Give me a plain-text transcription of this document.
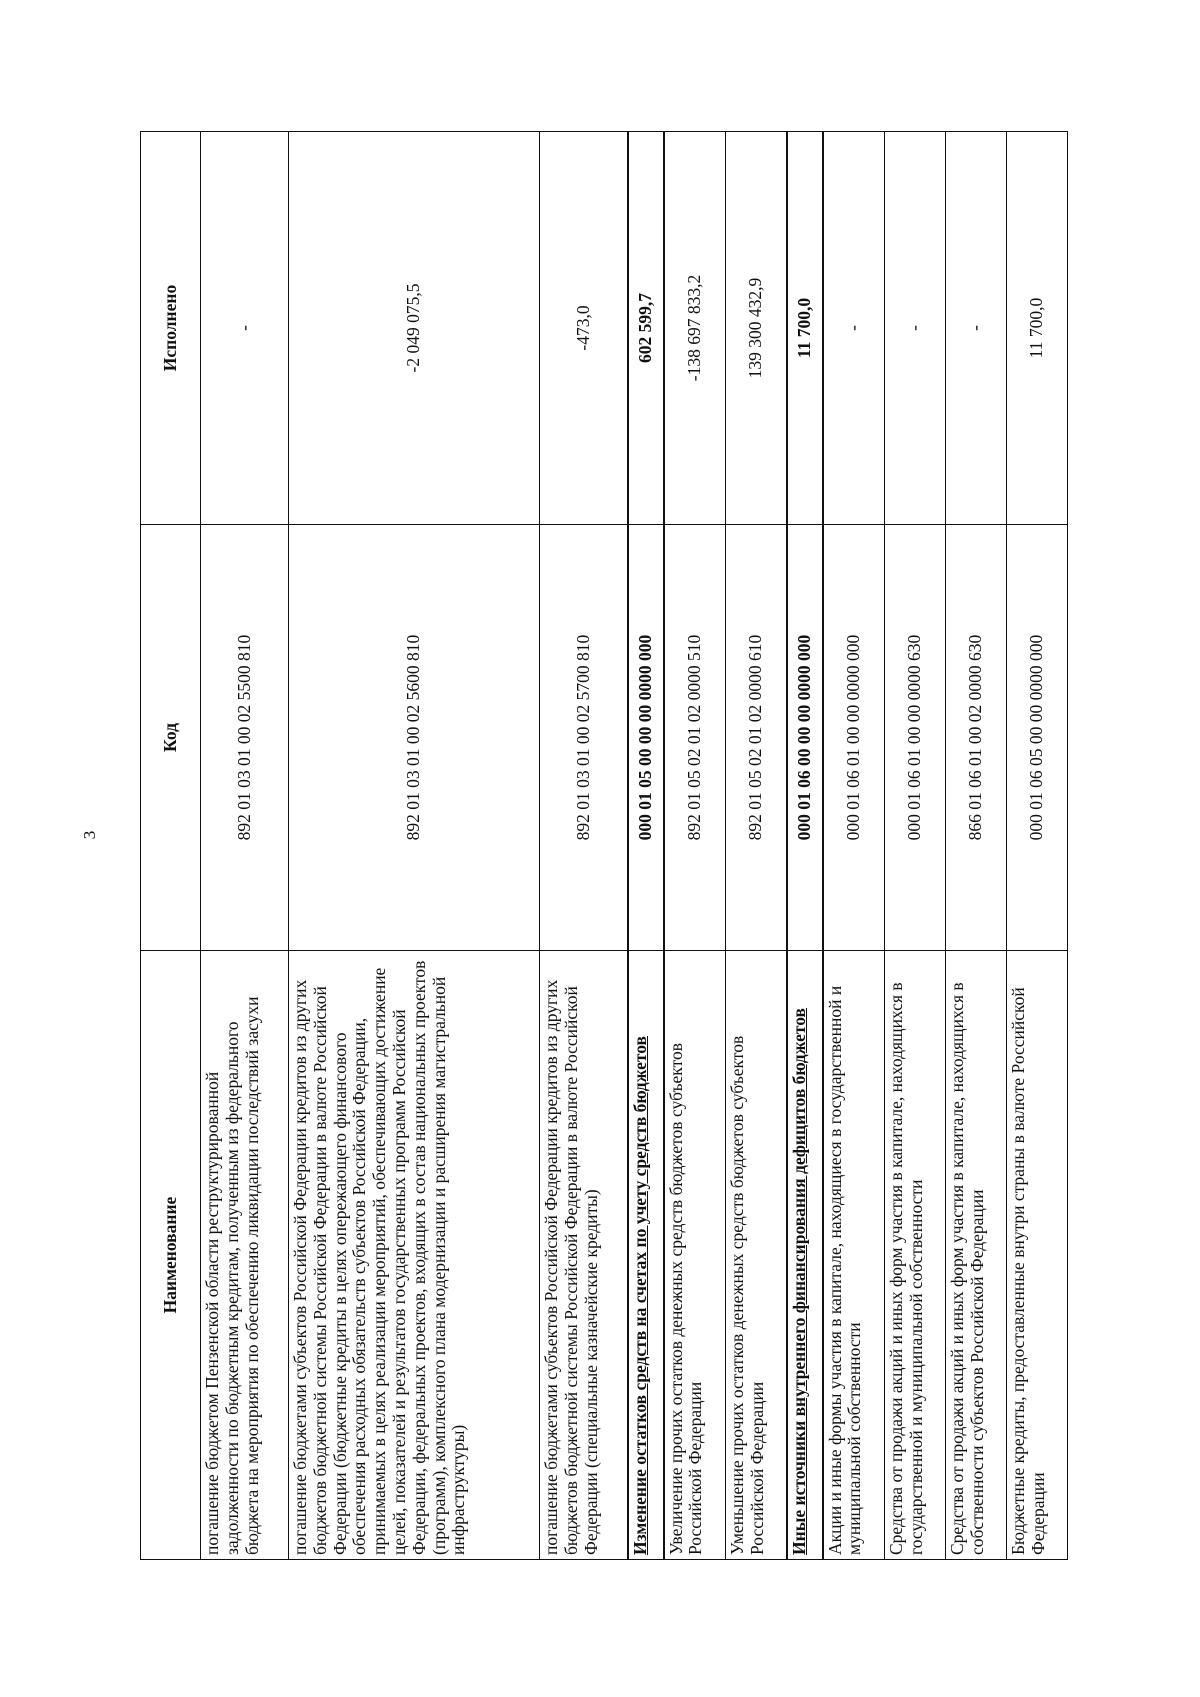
3
Наименование	Код	Исполнено
погашение бюджетом Пензенской области реструктурированной задолженности по бюджетным кредитам, полученным из федерального бюджета на мероприятия по обеспечению ликвидации последствий засухи	892 01 03 01 00 02 5500 810	-
погашение бюджетами субъектов Российской Федерации кредитов из других бюджетов бюджетной системы Российской Федерации в валюте Российской Федерации (бюджетные кредиты в целях опережающего финансового обеспечения расходных обязательств субъектов Российской Федерации, принимаемых в целях реализации мероприятий, обеспечивающих достижение целей, показателей и результатов государственных программ Российской Федерации, федеральных проектов, входящих в состав национальных проектов (программ), комплексного плана модернизации и расширения магистральной инфраструктуры)	892 01 03 01 00 02 5600 810	-2 049 075,5
погашение бюджетами субъектов Российской Федерации кредитов из других бюджетов бюджетной системы Российской Федерации в валюте Российской Федерации (специальные казначейские кредиты)	892 01 03 01 00 02 5700 810	-473,0
Изменение остатков средств на счетах по учету средств бюджетов	000 01 05 00 00 00 0000 000	602 599,7
Увеличение прочих остатков денежных средств бюджетов субъектов Российской Федерации	892 01 05 02 01 02 0000 510	-138 697 833,2
Уменьшение прочих остатков денежных средств бюджетов субъектов Российской Федерации	892 01 05 02 01 02 0000 610	139 300 432,9
Иные источники внутреннего финансирования дефицитов бюджетов	000 01 06 00 00 00 0000 000	11 700,0
Акции и иные формы участия в капитале, находящиеся в государственной и муниципальной собственности	000 01 06 01 00 00 0000 000	-
Средства от продажи акций и иных форм участия в капитале, находящихся в государственной и муниципальной собственности	000 01 06 01 00 00 0000 630	-
Средства от продажи акций и иных форм участия в капитале, находящихся в собственности субъектов Российской Федерации	866 01 06 01 00 02 0000 630	-
Бюджетные кредиты, предоставленные внутри страны в валюте Российской Федерации	000 01 06 05 00 00 0000 000	11 700,0
